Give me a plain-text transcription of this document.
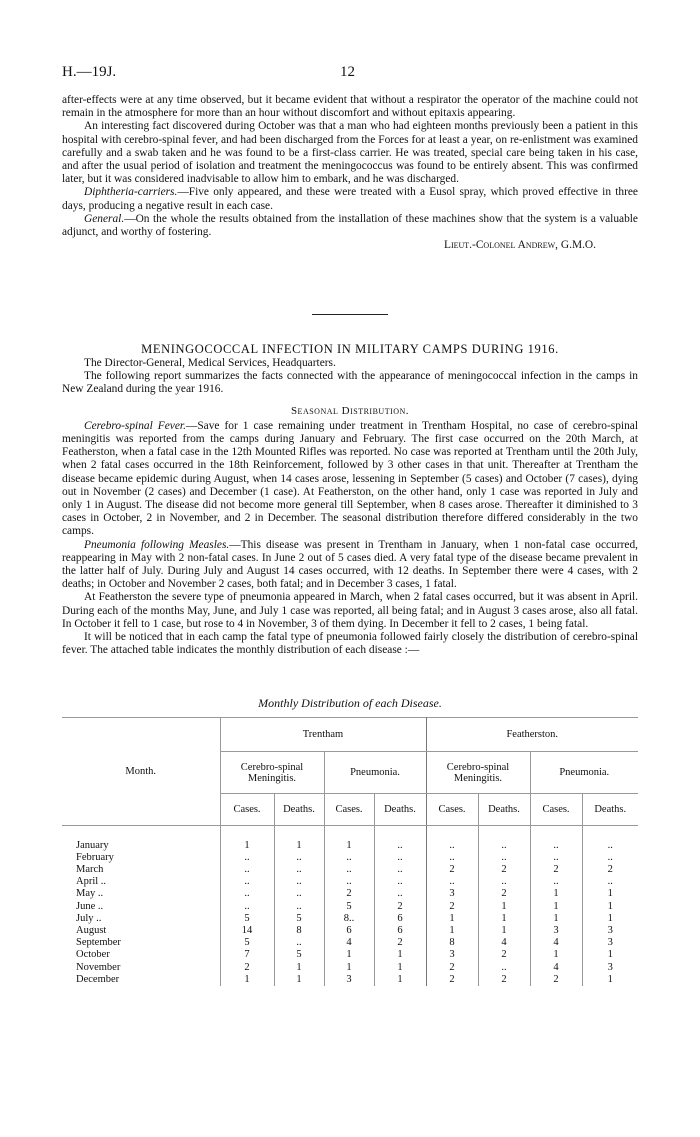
H.—19J.	12

after-effects were at any time observed, but it became evident that without a respirator the operator of the machine could not remain in the atmosphere for more than an hour without discomfort and without epitaxis appearing.

An interesting fact discovered during October was that a man who had eighteen months previously been a patient in this hospital with cerebro-spinal fever, and had been discharged from the Forces for at least a year, on re-enlistment was examined carefully and a swab taken and he was found to be a first-class carrier. He was treated, special care being taken in his case, and after the usual period of isolation and treatment the meningococcus was found to be entirely absent. This was confirmed later, but it was considered inadvisable to allow him to embark, and he was discharged.

Diphtheria-carriers.—Five only appeared, and these were treated with a Eusol spray, which proved effective in three days, producing a negative result in each case.

General.—On the whole the results obtained from the installation of these machines show that the system is a valuable adjunct, and worthy of fostering.

Lieut.-Colonel Andrew, G.M.O.

MENINGOCOCCAL INFECTION IN MILITARY CAMPS DURING 1916.

The Director-General, Medical Services, Headquarters.

The following report summarizes the facts connected with the appearance of meningococcal infection in the camps in New Zealand during the year 1916.

Seasonal Distribution.

Cerebro-spinal Fever.—Save for 1 case remaining under treatment in Trentham Hospital, no case of cerebro-spinal meningitis was reported from the camps during January and February. The first case occurred on the 20th March, at Featherston, when a fatal case in the 12th Mounted Rifles was reported. No case was reported at Trentham until the 20th July, when 2 fatal cases occurred in the 18th Reinforcement, followed by 3 other cases in that unit. Thereafter at Trentham the disease became epidemic during August, when 14 cases arose, lessening in September (5 cases) and October (7 cases), dying out in November (2 cases) and December (1 case). At Featherston, on the other hand, only 1 case was reported in July and only 1 in August. The disease did not become more general till September, when 8 cases arose. Thereafter it diminished to 3 cases in October, 2 in November, and 2 in December. The seasonal distribution therefore differed considerably in the two camps.

Pneumonia following Measles.—This disease was present in Trentham in January, when 1 non-fatal case occurred, reappearing in May with 2 non-fatal cases. In June 2 out of 5 cases died. A very fatal type of the disease became prevalent in the latter half of July. During July and August 14 cases occurred, with 12 deaths. In September there were 4 cases, with 2 deaths; in October and November 2 cases, both fatal; and in December 3 cases, 1 fatal.

At Featherston the severe type of pneumonia appeared in March, when 2 fatal cases occurred, but it was absent in April. During each of the months May, June, and July 1 case was reported, all being fatal; and in August 3 cases arose, also all fatal. In October it fell to 1 case, but rose to 4 in November, 3 of them dying. In December it fell to 2 cases, 1 being fatal.

It will be noticed that in each camp the fatal type of pneumonia followed fairly closely the distribution of cerebro-spinal fever. The attached table indicates the monthly distribution of each disease :—

Monthly Distribution of each Disease.
Month.	Trentham				Featherston.			
	Cerebro-spinal Meningitis.		Pneumonia.		Cerebro-spinal Meningitis.		Pneumonia.	
	Cases.	Deaths.	Cases.	Deaths.	Cases.	Deaths.	Cases.	Deaths.

January	1	1	1	..	..	..	..	..
February	..	..	..	..	..	..	..	..
March	..	..	..	..	2	2	2	2
April ..	..	..	..	..	..	..	..	..
May ..	..	..	2	..	3	2	1	1
June ..	..	..	5	2	2	1	1	1
July ..	5	5	8..	6	1	1	1	1
August	14	8	6	6	1	1	3	3
September	5	..	4	2	8	4	4	3
October	7	5	1	1	3	2	1	1
November	2	1	1	1	2	..	4	3
December	1	1	3	1	2	2	2	1
